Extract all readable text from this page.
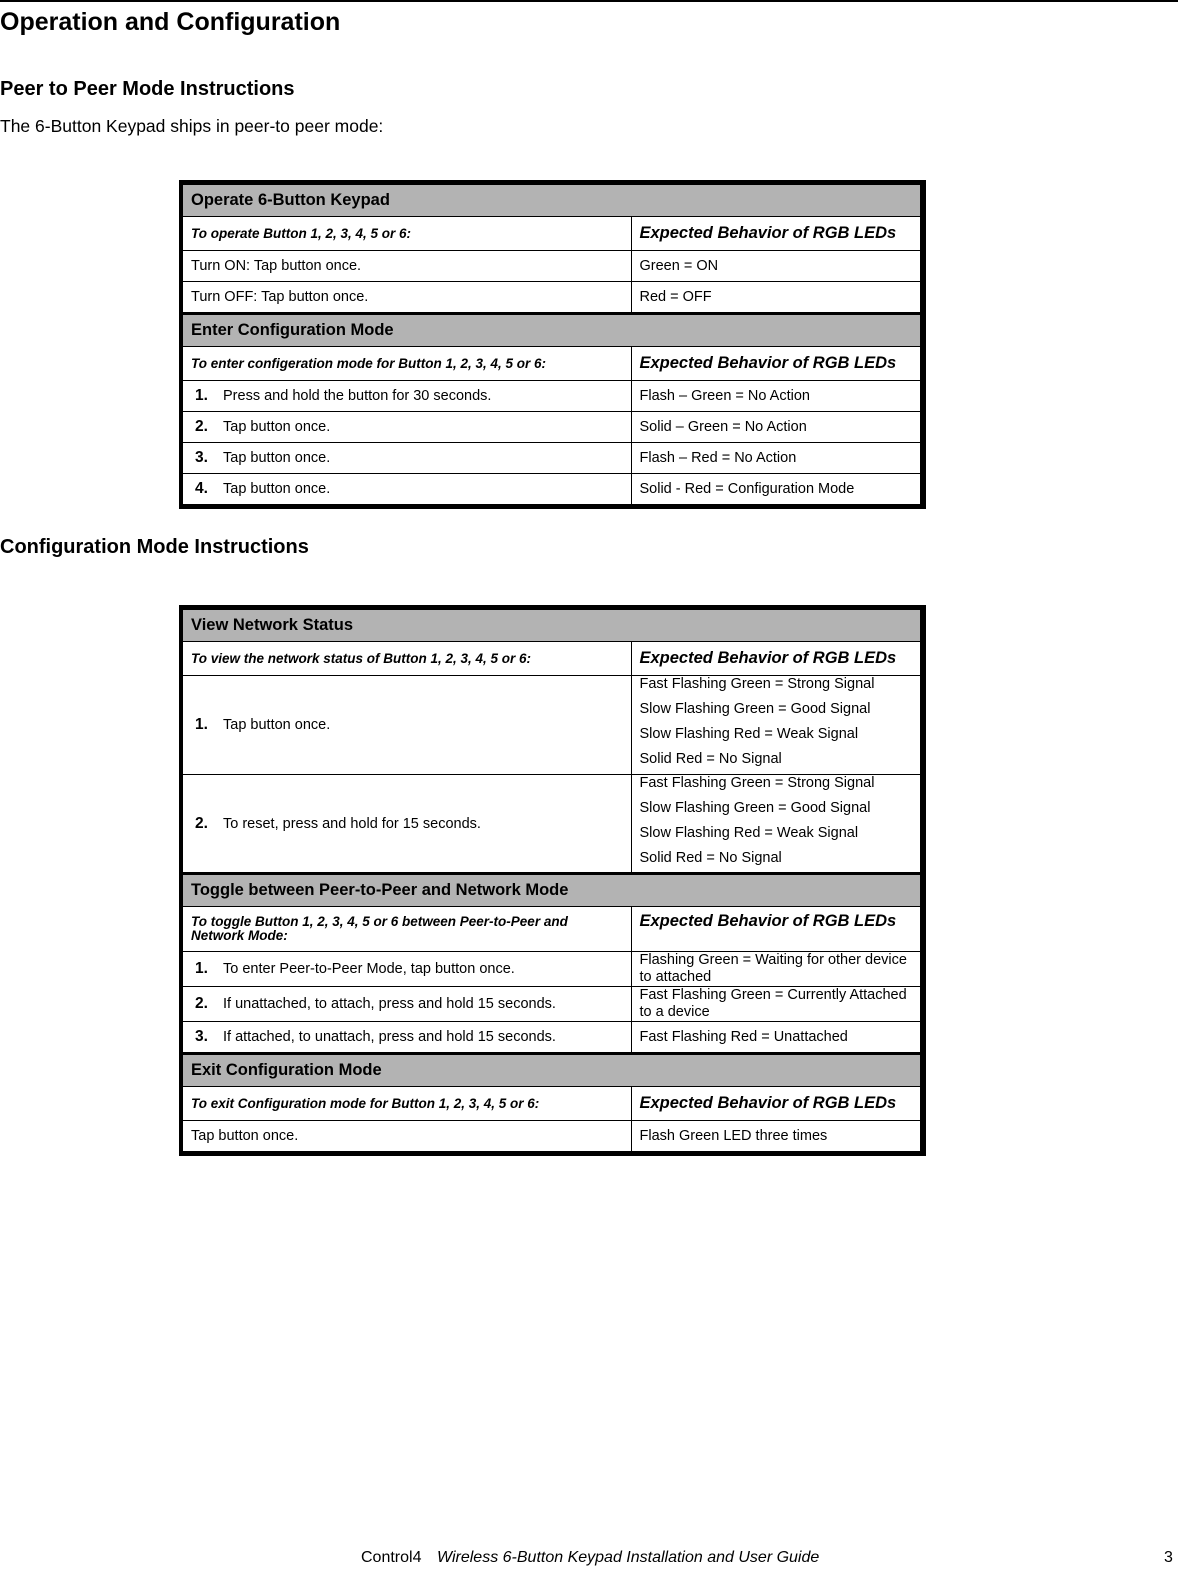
Operation and Configuration
Peer to Peer Mode Instructions

The 6-Button Keypad ships in peer-to peer mode:

Operate 6-Button Keypad	
To operate Button 1, 2, 3, 4, 5 or 6:	Expected Behavior of RGB LEDs
Turn ON: Tap button once.	Green = ON
Turn OFF: Tap button once.	Red = OFF
Enter Configuration Mode	
To enter configeration mode for Button 1, 2, 3, 4, 5 or 6:	Expected Behavior of RGB LEDs
1. Press and hold the button for 30 seconds.	Flash – Green = No Action
2. Tap button once.	Solid – Green = No Action
3. Tap button once.	Flash – Red = No Action
4. Tap button once.	Solid - Red = Configuration Mode
Configuration Mode Instructions
View Network Status	
To view the network status of Button 1, 2, 3, 4, 5 or 6:	Expected Behavior of RGB LEDs
1. Tap button once.	Fast Flashing Green = Strong Signal
Slow Flashing Green = Good Signal
Slow Flashing Red = Weak Signal
Solid Red = No Signal

2. To reset, press and hold for 15 seconds.	Fast Flashing Green = Strong Signal
Slow Flashing Green = Good Signal
Slow Flashing Red = Weak Signal
Solid Red = No Signal

Toggle between Peer-to-Peer and Network Mode	
To toggle Button 1, 2, 3, 4, 5 or 6 between Peer-to-Peer and Network Mode:	Expected Behavior of RGB LEDs
1. To enter Peer-to-Peer Mode, tap button once.	Flashing Green = Waiting for other device to attached
2. If unattached, to attach, press and hold 15 seconds.	Fast Flashing Green = Currently Attached to a device
3. If attached, to unattach, press and hold 15 seconds.	Fast Flashing Red = Unattached
Exit Configuration Mode	
To exit Configuration mode for Button 1, 2, 3, 4, 5 or 6:	Expected Behavior of RGB LEDs
Tap button once.	Flash Green LED three times
Control4 Wireless 6-Button Keypad Installation and User Guide	3
